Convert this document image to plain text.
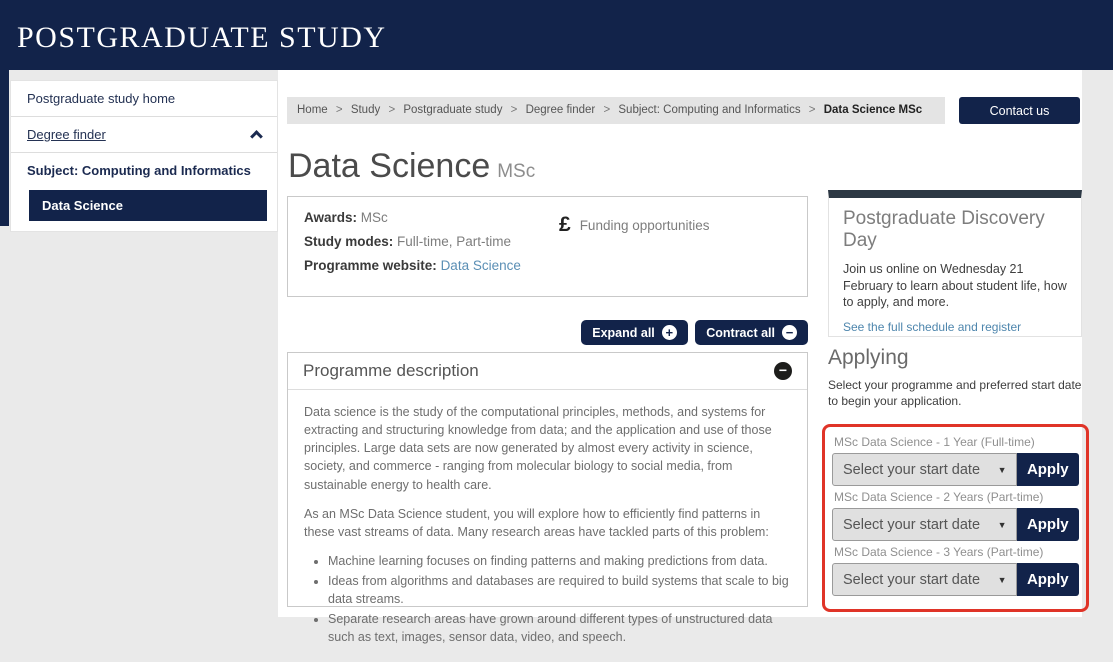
POSTGRADUATE STUDY
Postgraduate study home
Degree finder
Subject: Computing and Informatics
Data Science
Home > Study > Postgraduate study > Degree finder > Subject: Computing and Informatics > Data Science MSc	Contact us
Data Science MSc
Awards: MSc
Study modes: Full-time, Part-time
Programme website: Data Science
£ Funding opportunities
Expand all +
	Contract all −
Programme description	−

Data science is the study of the computational principles, methods, and systems for extracting and structuring knowledge from data; and the application and use of those principles. Large data sets are now generated by almost every activity in science, society, and commerce - ranging from molecular biology to social media, from sustainable energy to health care.

As an MSc Data Science student, you will explore how to efficiently find patterns in these vast streams of data. Many research areas have tackled parts of this problem:

• Machine learning focuses on finding patterns and making predictions from data.
• Ideas from algorithms and databases are required to build systems that scale to big data streams.
• Separate research areas have grown around different types of unstructured data such as text, images, sensor data, video, and speech.
Postgraduate Discovery Day
Join us online on Wednesday 21 February to learn about student life, how to apply, and more.
See the full schedule and register
Applying
Select your programme and preferred start date to begin your application.
MSc Data Science - 1 Year (Full-time)
Select your start date ▼	Apply
MSc Data Science - 2 Years (Part-time)
Select your start date ▼	Apply
MSc Data Science - 3 Years (Part-time)
Select your start date ▼	Apply
